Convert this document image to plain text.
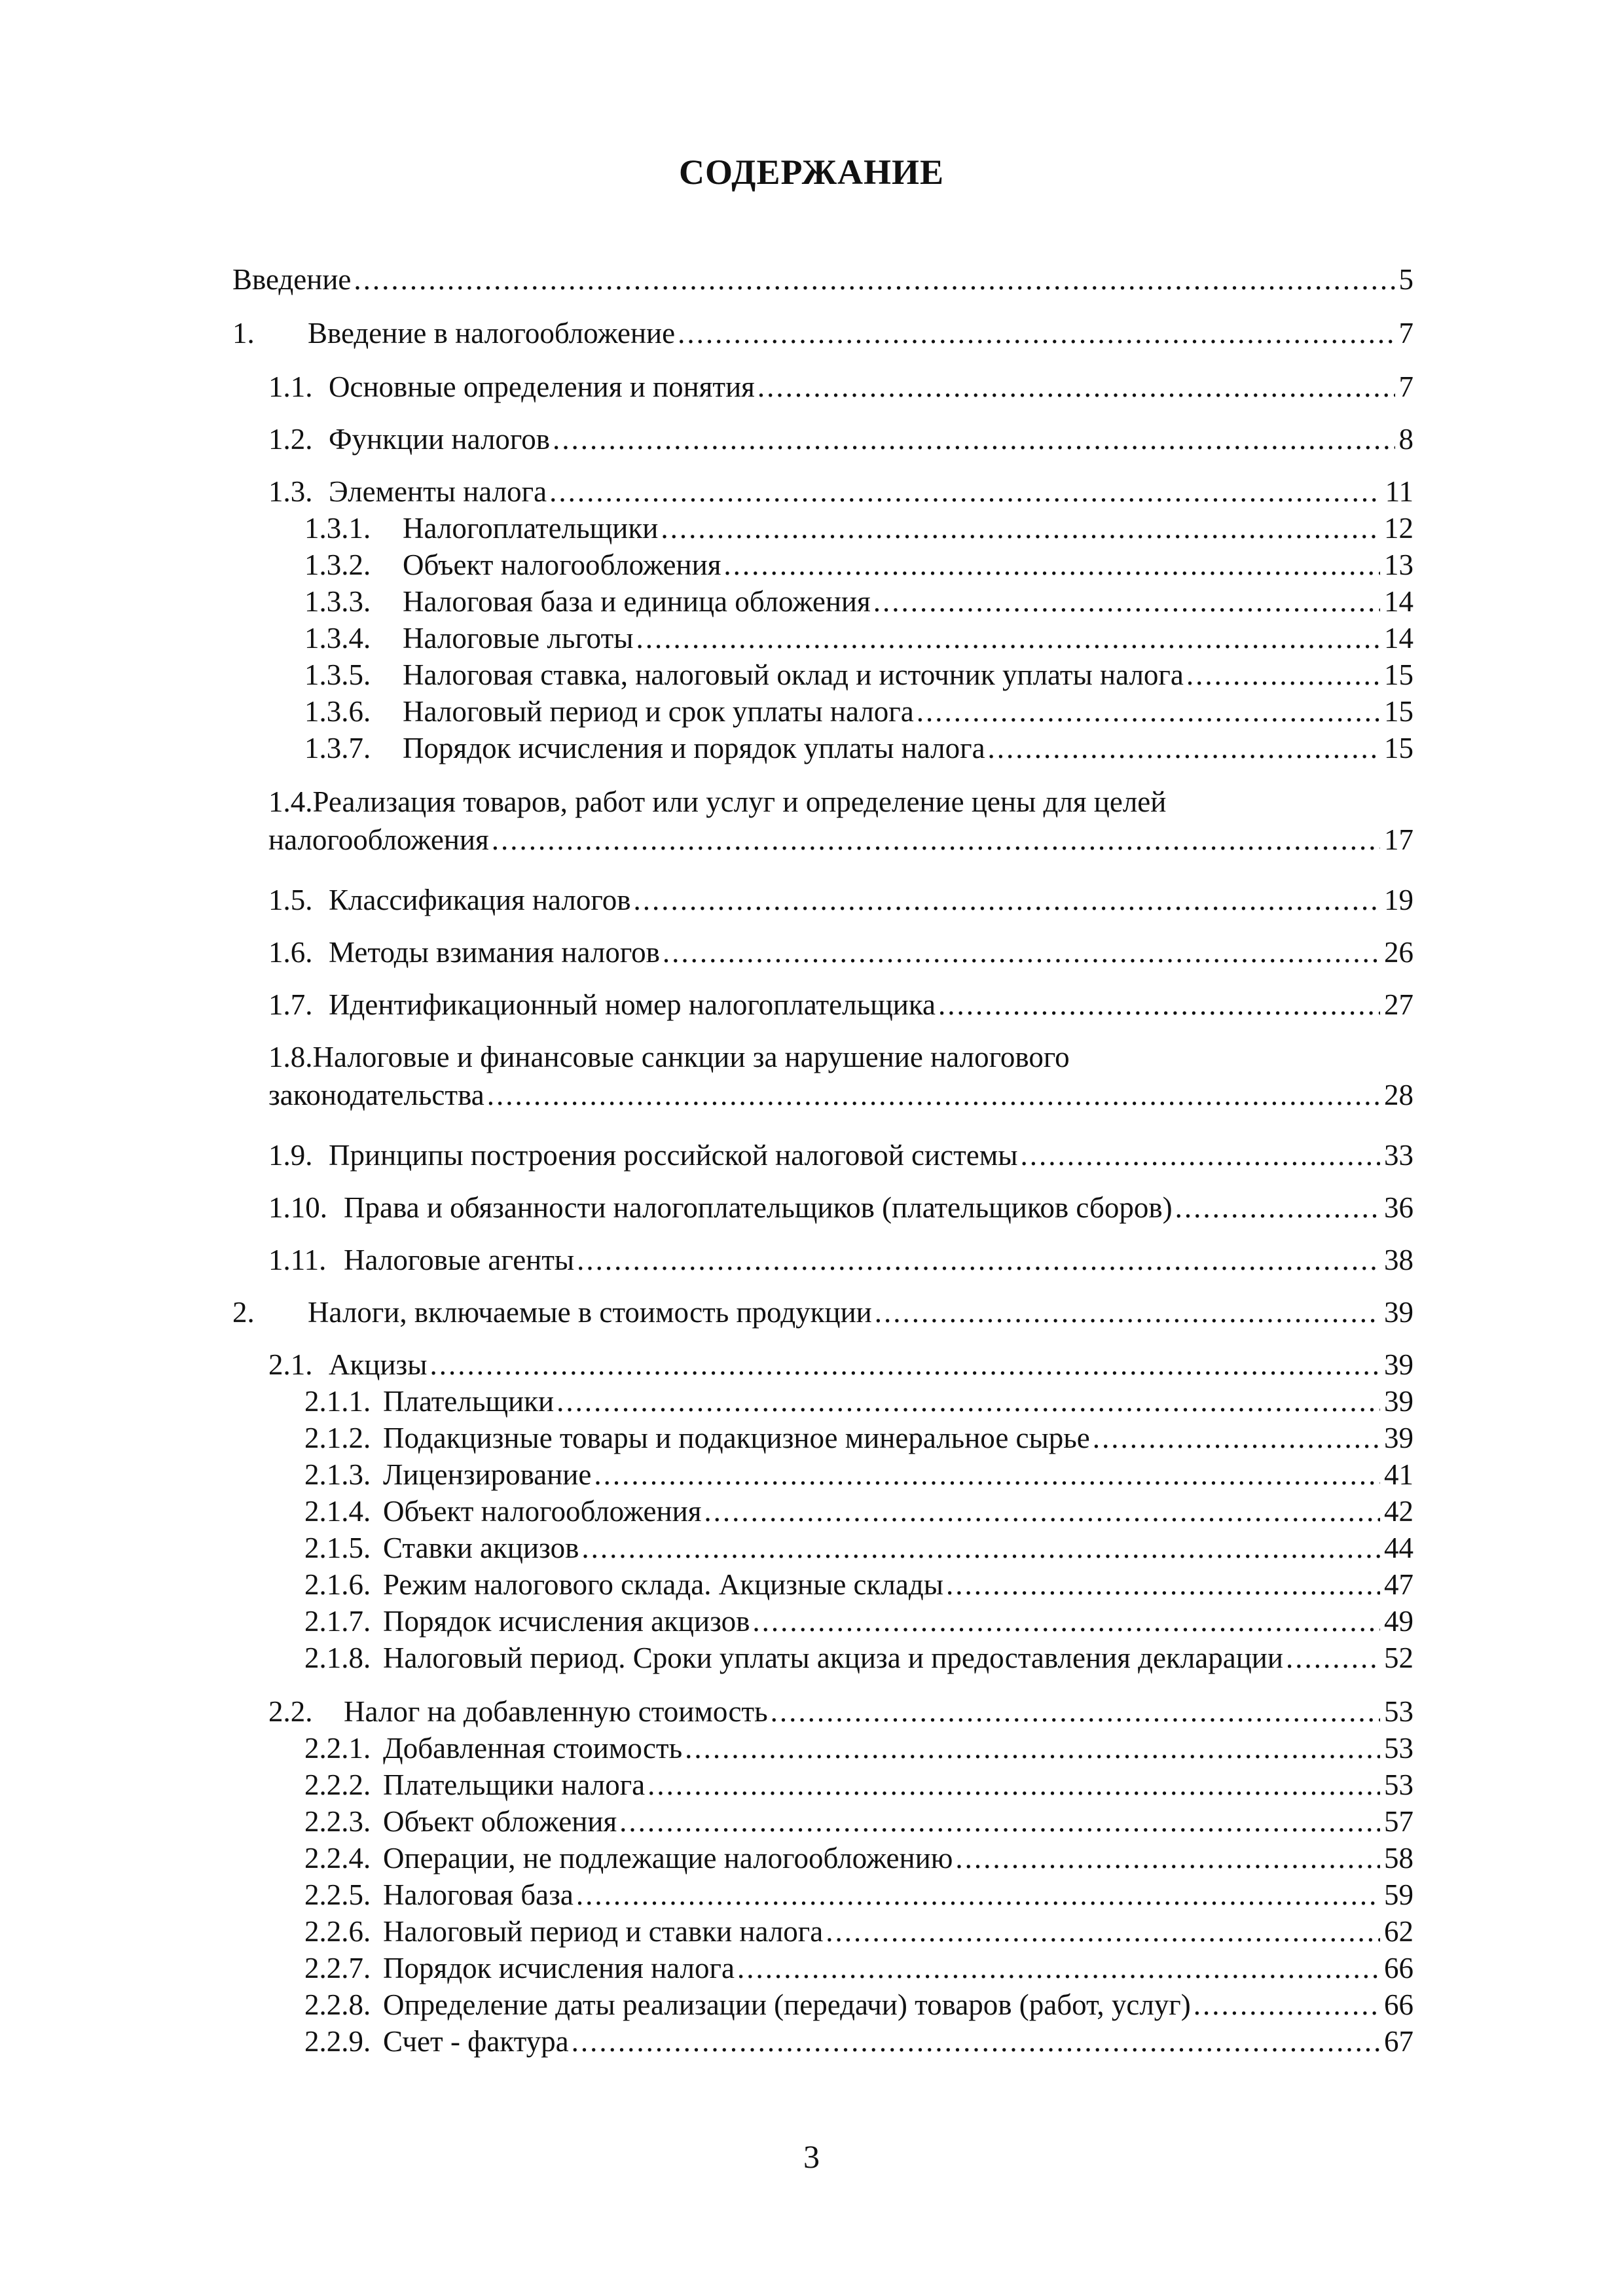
СОДЕРЖАНИЕ
Введение .....	5
1.	Введение в налогообложение .....	7
1.1. Основные определения и понятия .....	7
1.2. Функции налогов .....	8
1.3. Элементы налога .....	11
1.3.1.	Налогоплательщики .....	12
1.3.2.	Объект налогообложения .....	13
1.3.3.	Налоговая база и единица обложения .....	14
1.3.4.	Налоговые льготы .....	14
1.3.5.	Налоговая ставка, налоговый оклад и источник уплаты налога .....	15
1.3.6.	Налоговый период и срок уплаты налога .....	15
1.3.7.	Порядок исчисления и порядок уплаты налога .....	15
1.4.Реализация товаров, работ или услуг и определение цены для целей
налогообложения .....	17
1.5. Классификация налогов .....	19
1.6. Методы взимания налогов .....	26
1.7. Идентификационный номер налогоплательщика .....	27
1.8.Налоговые и финансовые санкции за нарушение налогового
законодательства .....	28
1.9. Принципы построения российской налоговой системы .....	33
1.10. Права и обязанности налогоплательщиков (плательщиков сборов) .....	36
1.11. Налоговые агенты .....	38
2.	Налоги, включаемые в стоимость продукции .....	39
2.1. Акцизы .....	39
2.1.1. Плательщики .....	39
2.1.2. Подакцизные товары и подакцизное минеральное сырье .....	39
2.1.3. Лицензирование .....	41
2.1.4. Объект налогообложения .....	42
2.1.5. Ставки акцизов .....	44
2.1.6. Режим налогового склада. Акцизные склады .....	47
2.1.7. Порядок исчисления акцизов .....	49
2.1.8. Налоговый период. Сроки уплаты акциза и предоставления декларации .....	52
2.2.	Налог на добавленную стоимость .....	53
2.2.1. Добавленная стоимость .....	53
2.2.2. Плательщики налога .....	53
2.2.3. Объект обложения .....	57
2.2.4. Операции, не подлежащие налогообложению .....	58
2.2.5. Налоговая база .....	59
2.2.6. Налоговый период и ставки налога .....	62
2.2.7. Порядок исчисления налога .....	66
2.2.8. Определение даты реализации (передачи) товаров (работ, услуг) .....	66
2.2.9. Счет - фактура .....	67
3
